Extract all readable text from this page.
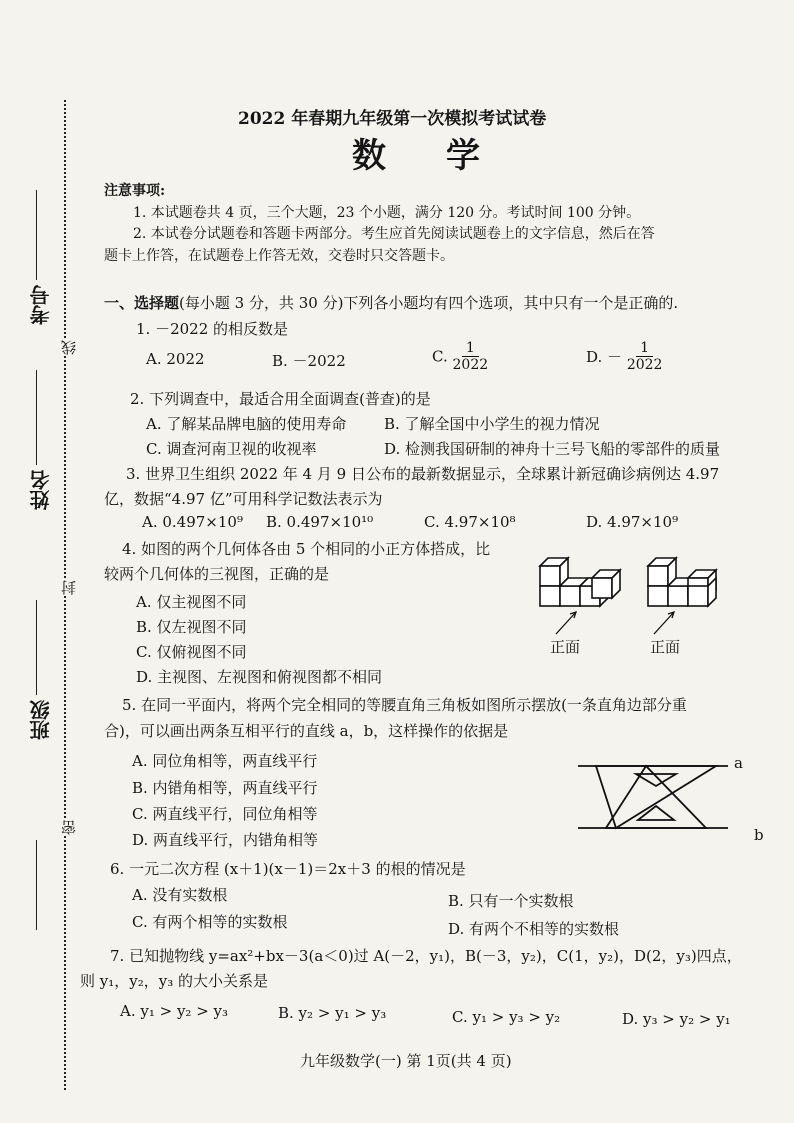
线
封
密
考号
姓名
班级
2022 年春期九年级第一次模拟考试试卷
数学
注意事项:
1. 本试题卷共 4 页，三个大题，23 个小题，满分 120 分。考试时间 100 分钟。
2. 本试卷分试题卷和答题卡两部分。考生应首先阅读试题卷上的文字信息，然后在答
题卡上作答，在试题卷上作答无效，交卷时只交答题卡。
一、选择题(每小题 3 分，共 30 分)下列各小题均有四个选项，其中只有一个是正确的.
1. －2022 的相反数是
A. 2022	B. －2022	C. $\frac{1}{2022}$	D. － $\frac{1}{2022}$
2. 下列调查中，最适合用全面调查(普查)的是
A. 了解某品牌电脑的使用寿命	B. 了解全国中小学生的视力情况
C. 调查河南卫视的收视率	D. 检测我国研制的神舟十三号飞船的零部件的质量
3. 世界卫生组织 2022 年 4 月 9 日公布的最新数据显示，全球累计新冠确诊病例达 4.97
亿，数据“4.97 亿”可用科学记数法表示为
A. 0.497×10⁹ B. 0.497×10¹⁰	C. 4.97×10⁸	D. 4.97×10⁹
4. 如图的两个几何体各由 5 个相同的小正方体搭成，比
较两个几何体的三视图，正确的是
A. 仅主视图不同
B. 仅左视图不同
C. 仅俯视图不同
D. 主视图、左视图和俯视图都不相同
正面	正面
5. 在同一平面内，将两个完全相同的等腰直角三角板如图所示摆放(一条直角边部分重
合)，可以画出两条互相平行的直线 a，b，这样操作的依据是
A. 同位角相等，两直线平行
B. 内错角相等，两直线平行
C. 两直线平行，同位角相等
D. 两直线平行，内错角相等
a
b
6. 一元二次方程 (x＋1)(x－1)＝2x＋3 的根的情况是
A. 没有实数根	B. 只有一个实数根
C. 有两个相等的实数根	D. 有两个不相等的实数根
7. 已知抛物线 y=ax²+bx－3(a＜0)过 A(－2，y₁)，B(－3，y₂)，C(1，y₂)，D(2，y₃)四点，
则 y₁，y₂，y₃ 的大小关系是
A. y₁ > y₂ > y₃	B. y₂ > y₁ > y₃	C. y₁ > y₃ > y₂	D. y₃ > y₂ > y₁
九年级数学(一) 第 1页(共 4 页)
